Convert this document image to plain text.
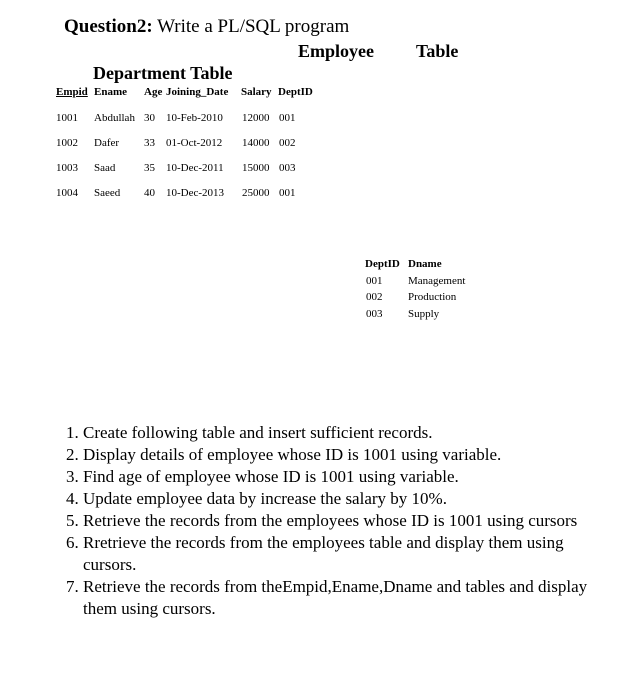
Question2: Write a PL/SQL program
Employee Table
Department Table
Empid Ename Age Joining_Date Salary DeptID
1001 Abdullah 30 10-Feb-2010 12000 001
1002 Dafer 33 01-Oct-2012 14000 002
1003 Saad	35 10-Dec-2011 15000 003
1004 Saeed 40 10-Dec-2013 25000 001
DeptID Dname
001 Management
002 Production
003 Supply
1. Create following table and insert sufficient records.
2. Display details of employee whose ID is 1001 using variable.
3. Find age of employee whose ID is 1001 using variable.
4. Update employee data by increase the salary by 10%.
5. Retrieve the records from the employees whose ID is 1001 using cursors
6. Rretrieve the records from the employees table and display them using cursors.
7. Retrieve the records from theEmpid,Ename,Dname and tables and display them using cursors.
